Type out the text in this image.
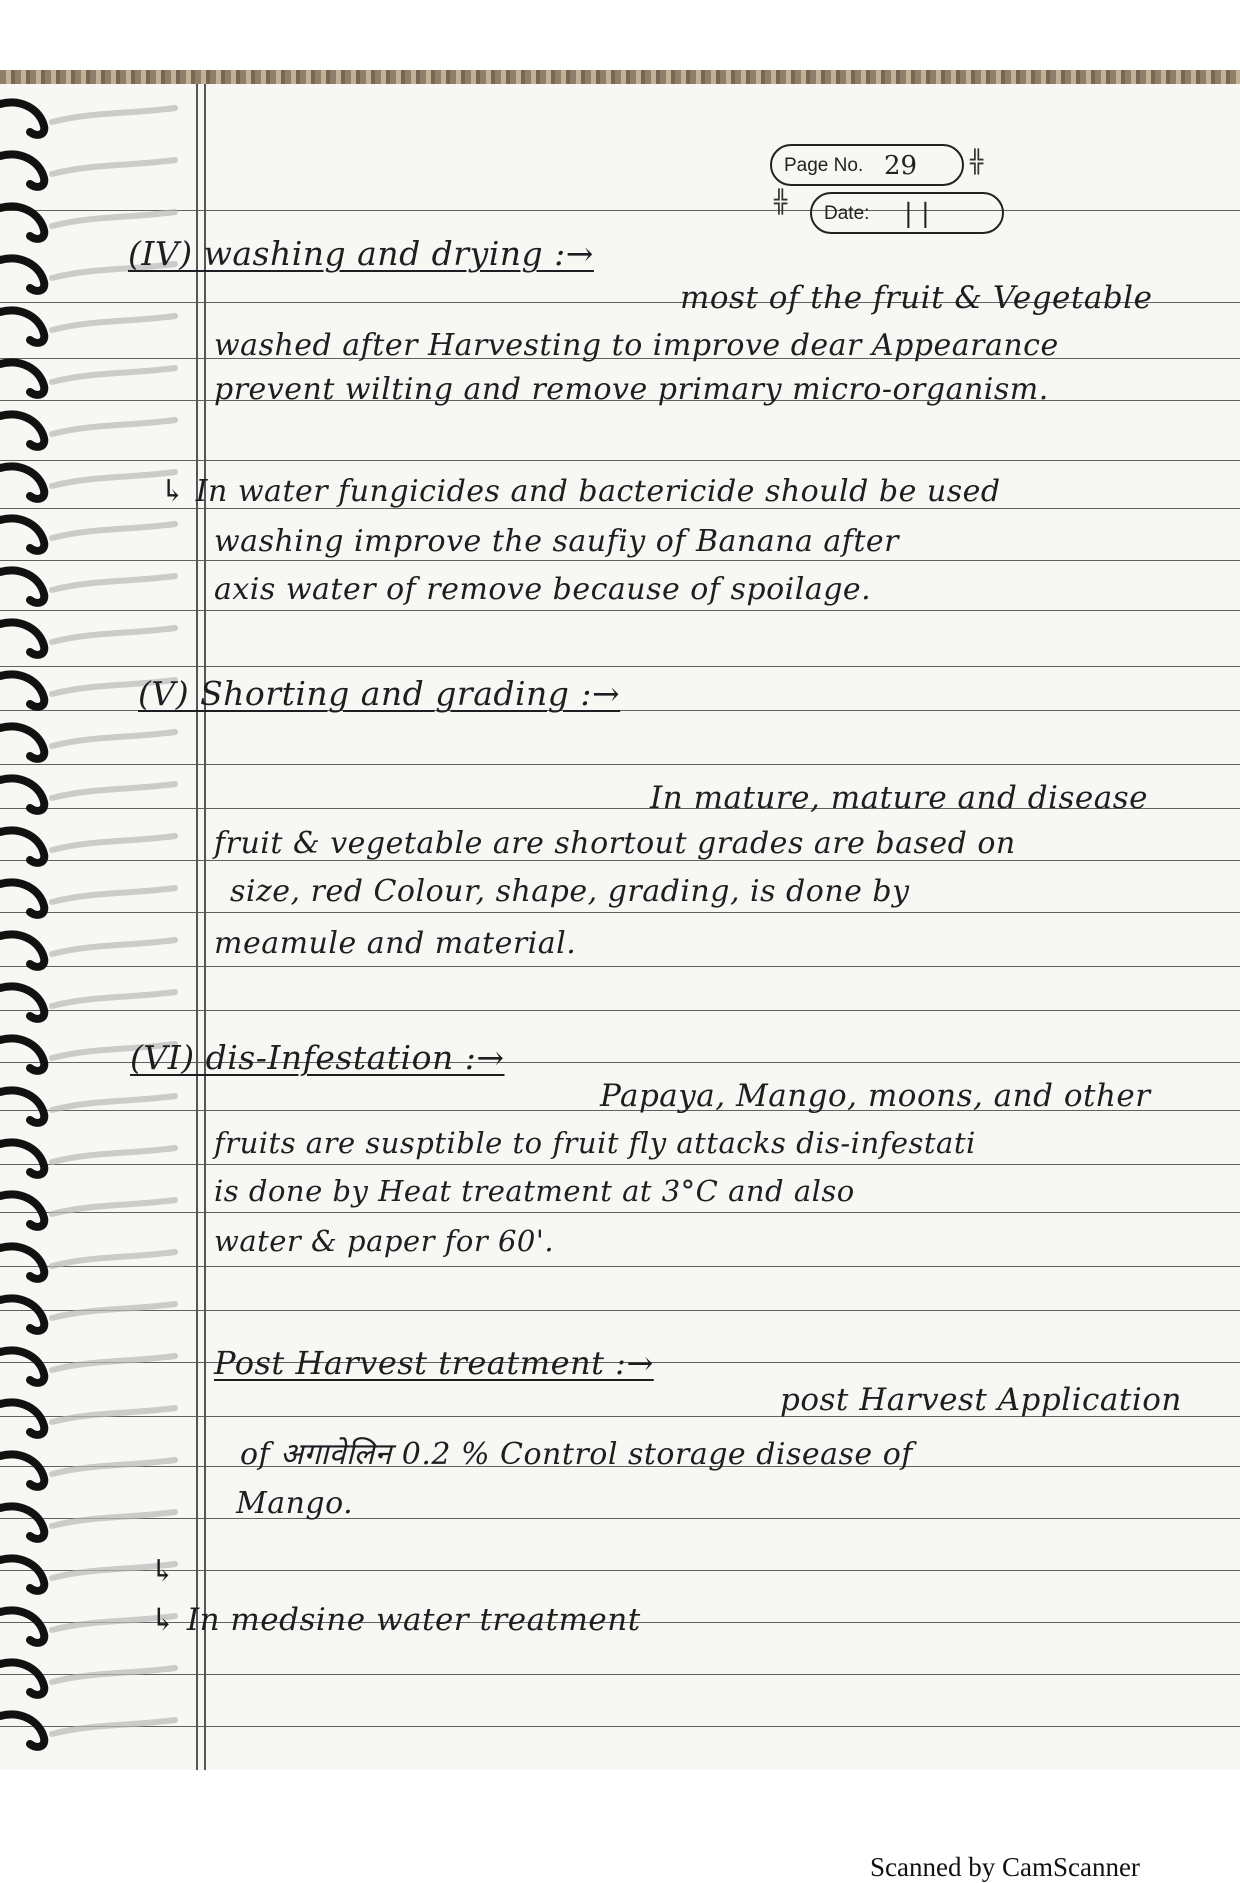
Page No. 29
Date: | |
╬
╬
(IV) washing and drying :→
most of the fruit & Vegetable
washed after Harvesting to improve dear Appearance
prevent wilting and remove primary micro-organism.
↳ In water fungicides and bactericide should be used
washing improve the saufiy of Banana after
axis water of remove because of spoilage.
(V) Shorting and grading :→
In mature, mature and disease
fruit & vegetable are shortout grades are based on
size, red Colour, shape, grading, is done by
meamule and material.
(VI) dis-Infestation :→
Papaya, Mango, moons, and other
fruits are susptible to fruit fly attacks dis-infestati
is done by Heat treatment at 3°C and also
water & paper for 60'.
Post Harvest treatment :→
post Harvest Application
of अगावेलिन 0.2 % Control storage disease of
Mango.
↳
↳ In medsine water treatment
Scanned by CamScanner
